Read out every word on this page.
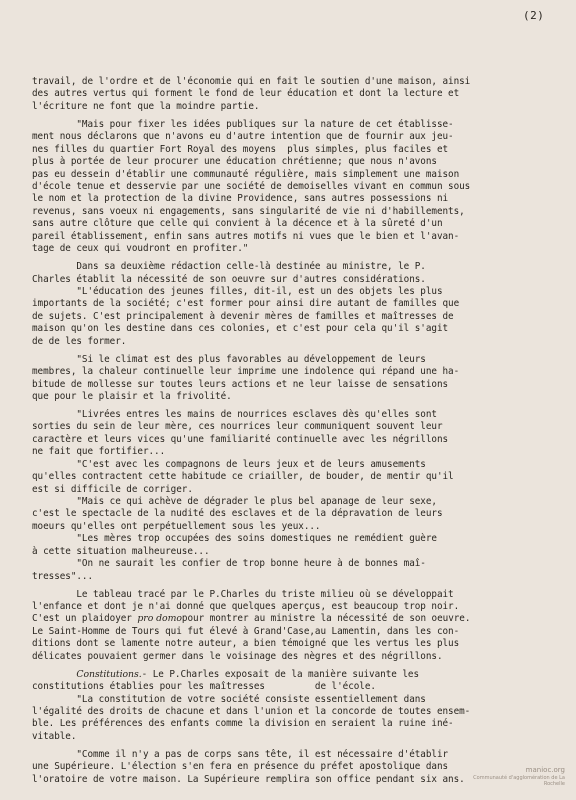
(2)
travail, de l'ordre et de l'économie qui en fait le soutien d'une maison, ainsi
des autres vertus qui forment le fond de leur éducation et dont la lecture et
l'écriture ne font que la moindre partie.
"Mais pour fixer les idées publiques sur la nature de cet établisse-
ment nous déclarons que n'avons eu d'autre intention que de fournir aux jeu-
nes filles du quartier Fort Royal des moyens  plus simples, plus faciles et
plus à portée de leur procurer une éducation chrétienne; que nous n'avons
pas eu dessein d'établir une communauté régulière, mais simplement une maison
d'école tenue et desservie par une société de demoiselles vivant en commun sous
le nom et la protection de la divine Providence, sans autres possessions ni
revenus, sans voeux ni engagements, sans singularité de vie ni d'habillements,
sans autre clôture que celle qui convient à la décence et à la sûreté d'un
pareil établissement, enfin sans autres motifs ni vues que le bien et l'avan-
tage de ceux qui voudront en profiter."
Dans sa deuxième rédaction celle-là destinée au ministre, le P.
Charles établit la nécessité de son oeuvre sur d'autres considérations.
"L'éducation des jeunes filles, dit-il, est un des objets les plus
importants de la société; c'est former pour ainsi dire autant de familles que
de sujets. C'est principalement à devenir mères de familles et maîtresses de
maison qu'on les destine dans ces colonies, et c'est pour cela qu'il s'agit
de de les former.
"Si le climat est des plus favorables au développement de leurs
membres, la chaleur continuelle leur imprime une indolence qui répand une ha-
bitude de mollesse sur toutes leurs actions et ne leur laisse de sensations
que pour le plaisir et la frivolité.
"Livrées entres les mains de nourrices esclaves dès qu'elles sont
sorties du sein de leur mère, ces nourrices leur communiquent souvent leur
caractère et leurs vices qu'une familiarité continuelle avec les négrillons
ne fait que fortifier...
"C'est avec les compagnons de leurs jeux et de leurs amusements
qu'elles contractent cette habitude ce criailler, de bouder, de mentir qu'il
est si difficile de corriger.
"Mais ce qui achève de dégrader le plus bel apanage de leur sexe,
c'est le spectacle de la nudité des esclaves et de la dépravation de leurs
moeurs qu'elles ont perpétuellement sous les yeux...
"Les mères trop occupées des soins domestiques ne remédient guère
à cette situation malheureuse...
"On ne saurait les confier de trop bonne heure à de bonnes maî-
tresses"...
Le tableau tracé par le P.Charles du triste milieu où se développait
l'enfance et dont je n'ai donné que quelques aperçus, est beaucoup trop noir.
C'est un plaidoyer pro domopour montrer au ministre la nécessité de son oeuvre.
Le Saint-Homme de Tours qui fut élevé à Grand'Case,au Lamentin, dans les con-
ditions dont se lamente notre auteur, a bien témoigné que les vertus les plus
délicates pouvaient germer dans le voisinage des nègres et des négrillons.
Constitutions.- Le P.Charles exposait de la manière suivante les
constitutions établies pour les maîtresses         de l'école.
"La constitution de votre société consiste essentiellement dans
l'égalité des droits de chacune et dans l'union et la concorde de toutes ensem-
ble. Les préférences des enfants comme la division en seraient la ruine iné-
vitable.
"Comme il n'y a pas de corps sans tête, il est nécessaire d'établir
une Supérieure. L'élection s'en fera en présence du préfet apostolique dans
l'oratoire de votre maison. La Supérieure remplira son office pendant six ans.
manioc.org
Communauté d'agglomération de La Rochelle
